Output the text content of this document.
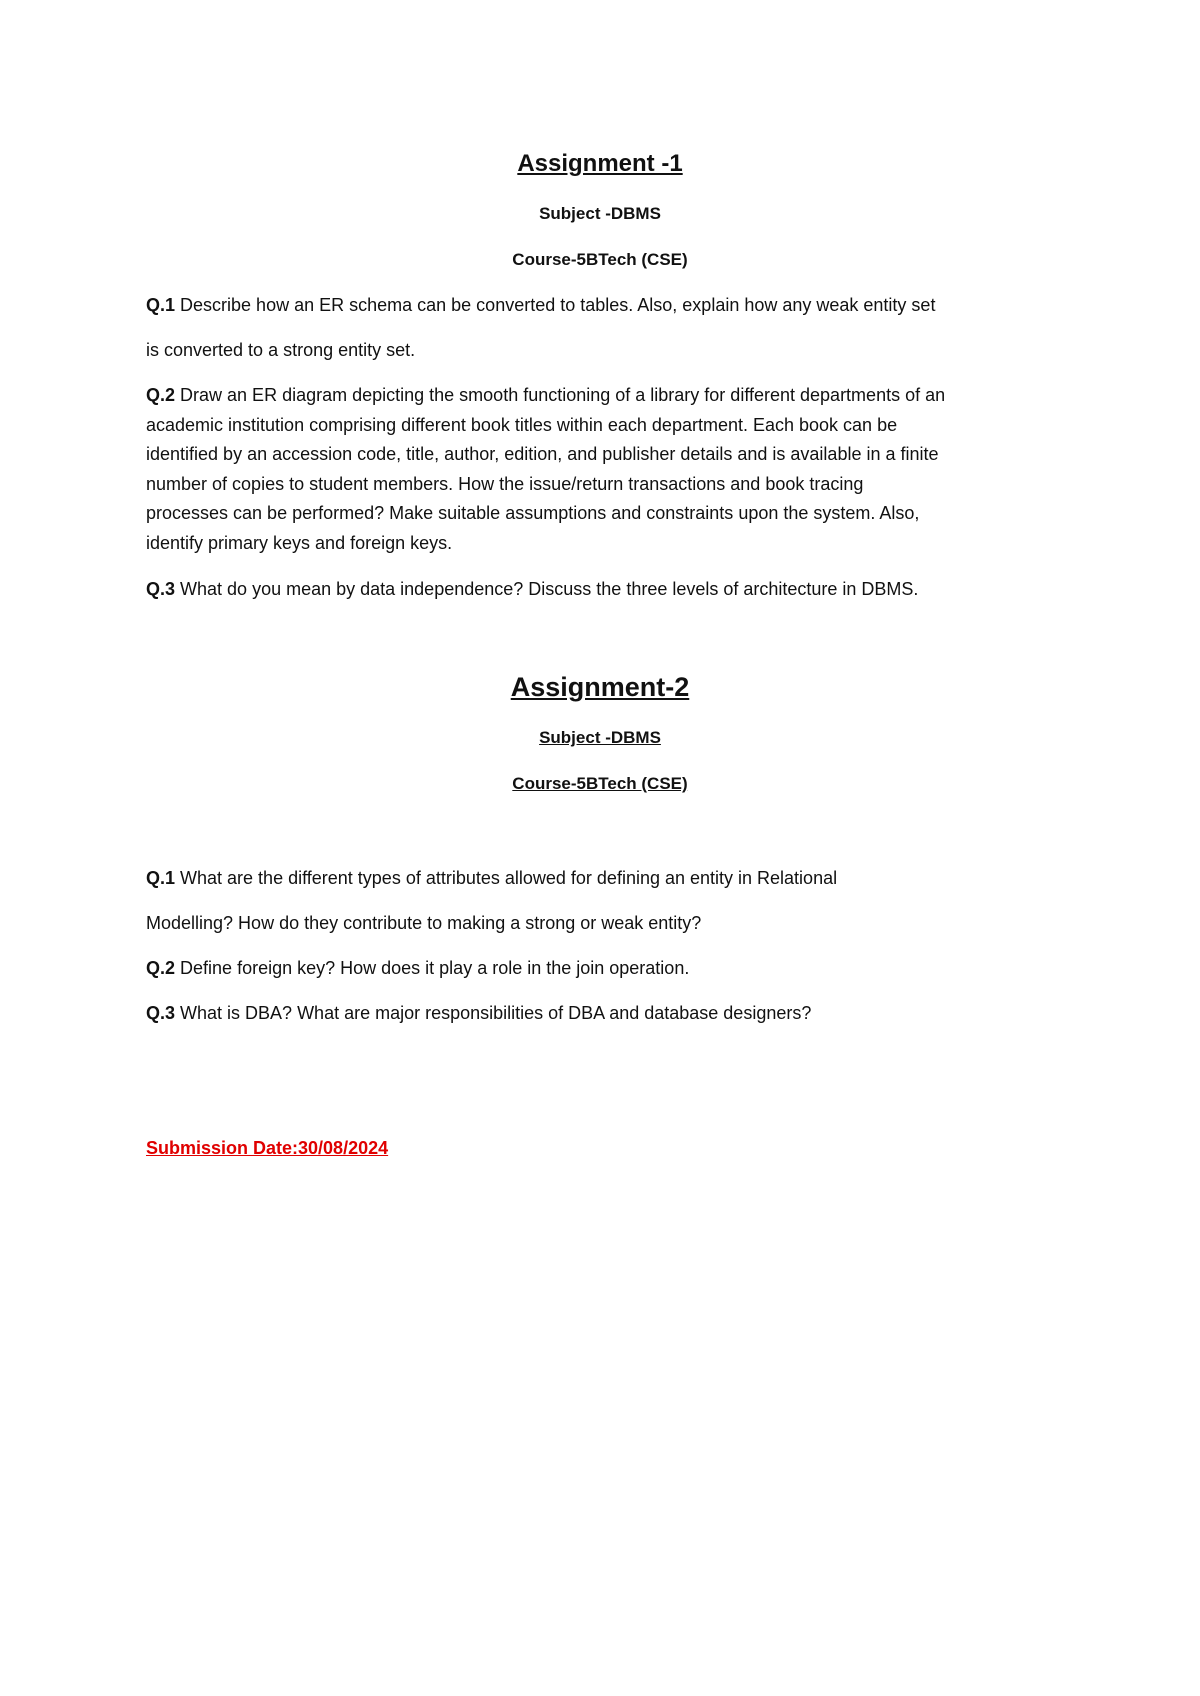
Assignment -1
Subject -DBMS
Course-5BTech (CSE)
Q.1 Describe how an ER schema can be converted to tables. Also, explain how any weak entity set
is converted to a strong entity set.
Q.2 Draw an ER diagram depicting the smooth functioning of a library for different departments of an
academic institution comprising different book titles within each department. Each book can be
identified by an accession code, title, author, edition, and publisher details and is available in a finite
number of copies to student members. How the issue/return transactions and book tracing
processes can be performed? Make suitable assumptions and constraints upon the system. Also,
identify primary keys and foreign keys.
Q.3 What do you mean by data independence? Discuss the three levels of architecture in DBMS.
Assignment-2
Subject -DBMS
Course-5BTech (CSE)
Q.1 What are the different types of attributes allowed for defining an entity in Relational
Modelling? How do they contribute to making a strong or weak entity?
Q.2 Define foreign key? How does it play a role in the join operation.
Q.3 What is DBA? What are major responsibilities of DBA and database designers?
Submission Date:30/08/2024
